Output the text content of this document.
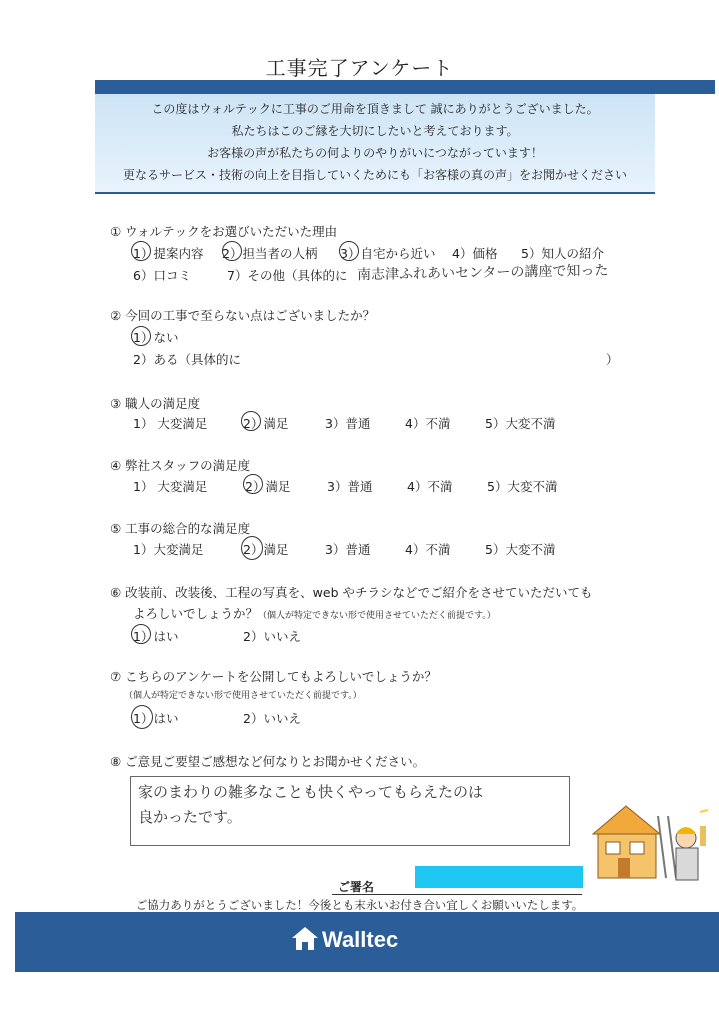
工事完了アンケート
この度はウォルテックに工事のご用命を頂きまして 誠にありがとうございました。
私たちはこのご縁を大切にしたいと考えております。
お客様の声が私たちの何よりのやりがいにつながっています！
更なるサービス・技術の向上を目指していくためにも「お客様の真の声」をお聞かせください
① ウォルテックをお選びいただいた理由
1）提案内容 2）担当者の人柄 3）自宅から近い 4）価格 5）知人の紹介
6）口コミ	7）その他（具体的に 南志津ふれあいセンターの講座で知った
② 今回の工事で至らない点はございましたか？
1）ない
2）ある（具体的に	）
③ 職人の満足度
1） 大変満足	2）満足	3）普通	4）不満	5）大変不満
④ 弊社スタッフの満足度
1） 大変満足	2）満足	3）普通	4）不満	5）大変不満
⑤ 工事の総合的な満足度
1）大変満足	2）満足	3）普通	4）不満	5）大変不満
⑥ 改装前、改装後、工程の写真を、web やチラシなどでご紹介をさせていただいても
よろしいでしょうか？（個人が特定できない形で使用させていただく前提です。）
1）はい	2）いいえ
⑦ こちらのアンケートを公開してもよろしいでしょうか？
（個人が特定できない形で使用させていただく前提です。）
1）はい	2）いいえ
⑧ ご意見ご要望ご感想など何なりとお聞かせください。
家のまわりの雑多なことも快くやってもらえたのは
良かったです。
ご署名
ご協力ありがとうございました！今後とも末永いお付き合い宜しくお願いいたします。
Walltec
